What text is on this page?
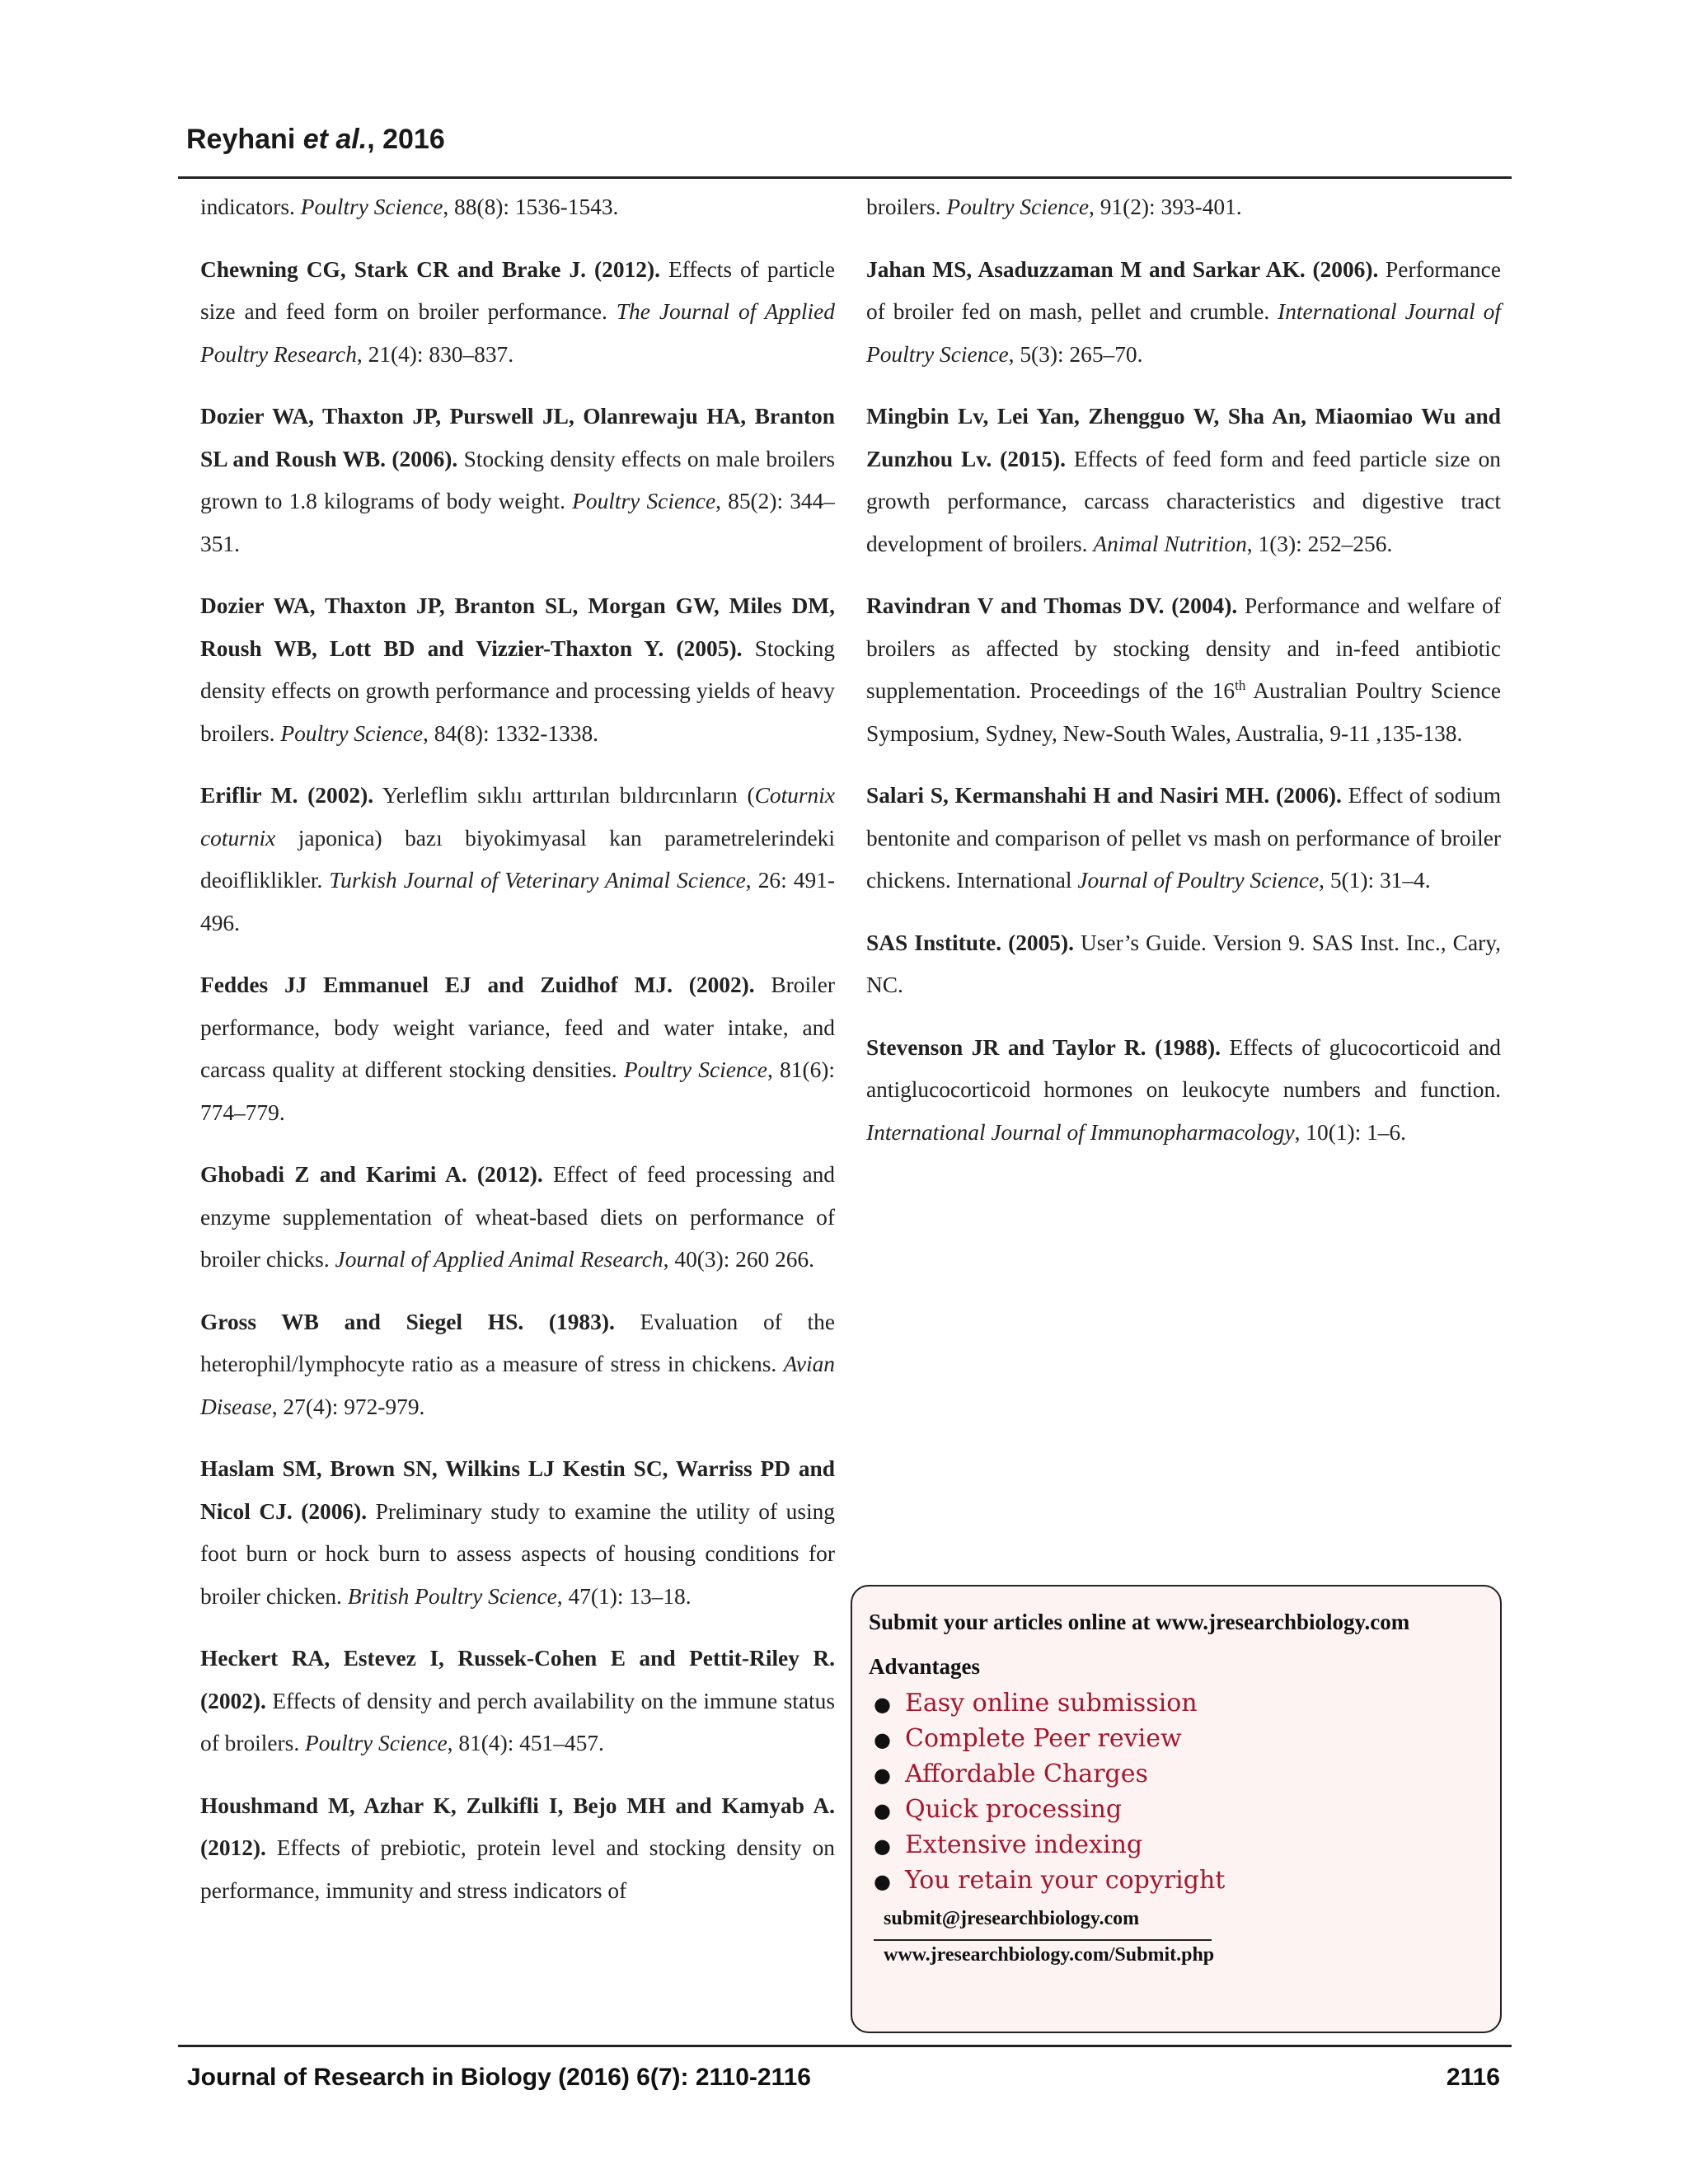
Reyhani et al., 2016

indicators. Poultry Science, 88(8): 1536-1543.

Chewning CG, Stark CR and Brake J. (2012). Effects of particle size and feed form on broiler performance. The Journal of Applied Poultry Research, 21(4): 830–837.

Dozier WA, Thaxton JP, Purswell JL, Olanrewaju HA, Branton SL and Roush WB. (2006). Stocking density effects on male broilers grown to 1.8 kilograms of body weight. Poultry Science, 85(2): 344–351.

Dozier WA, Thaxton JP, Branton SL, Morgan GW, Miles DM, Roush WB, Lott BD and Vizzier-Thaxton Y. (2005). Stocking density effects on growth performance and processing yields of heavy broilers. Poultry Science, 84(8): 1332-1338.

Eriflir M. (2002). Yerleflim sıklıı arttırılan bıldırcınların (Coturnix coturnix japonica) bazı biyokimyasal kan parametrelerindeki deoifliklikler. Turkish Journal of Veterinary Animal Science, 26: 491-496.

Feddes JJ Emmanuel EJ and Zuidhof MJ. (2002). Broiler performance, body weight variance, feed and water intake, and carcass quality at different stocking densities. Poultry Science, 81(6): 774–779.

Ghobadi Z and Karimi A. (2012). Effect of feed processing and enzyme supplementation of wheat-based diets on performance of broiler chicks. Journal of Applied Animal Research, 40(3): 260 266.

Gross WB and Siegel HS. (1983). Evaluation of the heterophil/lymphocyte ratio as a measure of stress in chickens. Avian Disease, 27(4): 972-979.

Haslam SM, Brown SN, Wilkins LJ Kestin SC, Warriss PD and Nicol CJ. (2006). Preliminary study to examine the utility of using foot burn or hock burn to assess aspects of housing conditions for broiler chicken. British Poultry Science, 47(1): 13–18.

Heckert RA, Estevez I, Russek-Cohen E and Pettit-Riley R. (2002). Effects of density and perch availability on the immune status of broilers. Poultry Science, 81(4): 451–457.

Houshmand M, Azhar K, Zulkifli I, Bejo MH and Kamyab A. (2012). Effects of prebiotic, protein level and stocking density on performance, immunity and stress indicators of

broilers. Poultry Science, 91(2): 393-401.

Jahan MS, Asaduzzaman M and Sarkar AK. (2006). Performance of broiler fed on mash, pellet and crumble. International Journal of Poultry Science, 5(3): 265–70.

Mingbin Lv, Lei Yan, Zhengguo W, Sha An, Miaomiao Wu and Zunzhou Lv. (2015). Effects of feed form and feed particle size on growth performance, carcass characteristics and digestive tract development of broilers. Animal Nutrition, 1(3): 252–256.

Ravindran V and Thomas DV. (2004). Performance and welfare of broilers as affected by stocking density and in-feed antibiotic supplementation. Proceedings of the 16th Australian Poultry Science Symposium, Sydney, New-South Wales, Australia, 9-11 ,135-138.

Salari S, Kermanshahi H and Nasiri MH. (2006). Effect of sodium bentonite and comparison of pellet vs mash on performance of broiler chickens. International Journal of Poultry Science, 5(1): 31–4.

SAS Institute. (2005). User’s Guide. Version 9. SAS Inst. Inc., Cary, NC.

Stevenson JR and Taylor R. (1988). Effects of glucocorticoid and antiglucocorticoid hormones on leukocyte numbers and function. International Journal of Immunopharmacology, 10(1): 1–6.

Submit your articles online at www.jresearchbiology.com
Advantages
● Easy online submission
● Complete Peer review
● Affordable Charges
● Quick processing
● Extensive indexing
● You retain your copyright
submit@jresearchbiology.com
www.jresearchbiology.com/Submit.php
Journal of Research in Biology (2016) 6(7): 2110-2116	2116
